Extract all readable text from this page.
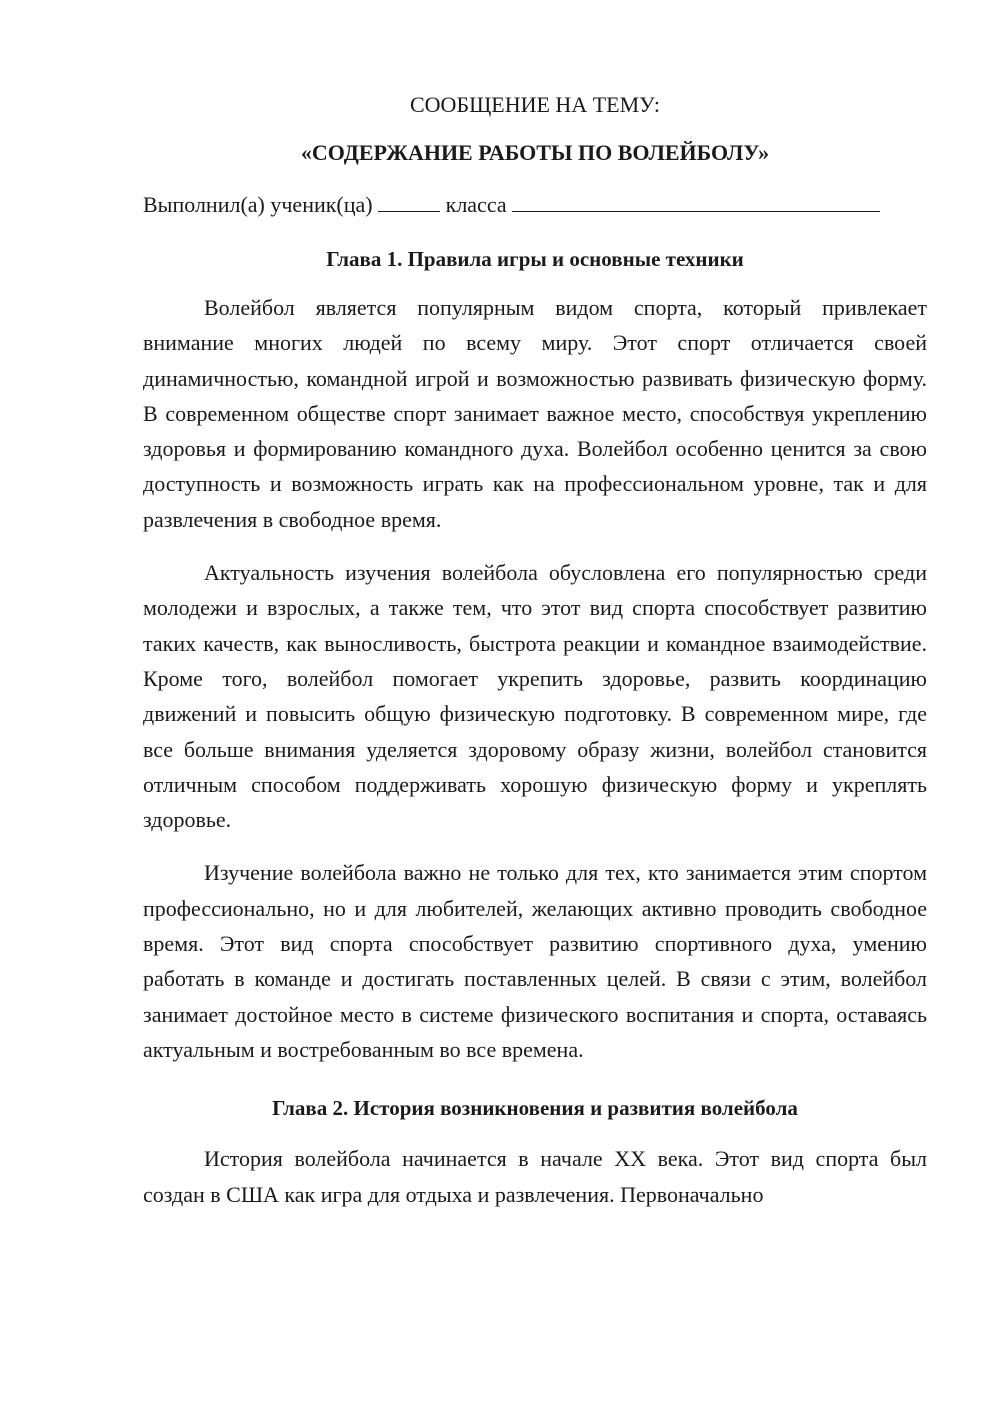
СООБЩЕНИЕ НА ТЕМУ:

«СОДЕРЖАНИЕ РАБОТЫ ПО ВОЛЕЙБОЛУ»

Выполнил(а) ученик(ца)	класса

Глава 1. Правила игры и основные техники

Волейбол является популярным видом спорта, который привлекает внимание многих людей по всему миру. Этот спорт отличается своей динамичностью, командной игрой и возможностью развивать физическую форму. В современном обществе спорт занимает важное место, способствуя укреплению здоровья и формированию командного духа. Волейбол особенно ценится за свою доступность и возможность играть как на профессиональном уровне, так и для развлечения в свободное время.

Актуальность изучения волейбола обусловлена его популярностью среди молодежи и взрослых, а также тем, что этот вид спорта способствует развитию таких качеств, как выносливость, быстрота реакции и командное взаимодействие. Кроме того, волейбол помогает укрепить здоровье, развить координацию движений и повысить общую физическую подготовку. В современном мире, где все больше внимания уделяется здоровому образу жизни, волейбол становится отличным способом поддерживать хорошую физическую форму и укреплять здоровье.

Изучение волейбола важно не только для тех, кто занимается этим спортом профессионально, но и для любителей, желающих активно проводить свободное время. Этот вид спорта способствует развитию спортивного духа, умению работать в команде и достигать поставленных целей. В связи с этим, волейбол занимает достойное место в системе физического воспитания и спорта, оставаясь актуальным и востребованным во все времена.

Глава 2. История возникновения и развития волейбола

История волейбола начинается в начале XX века. Этот вид спорта был создан в США как игра для отдыха и развлечения. Первоначально
